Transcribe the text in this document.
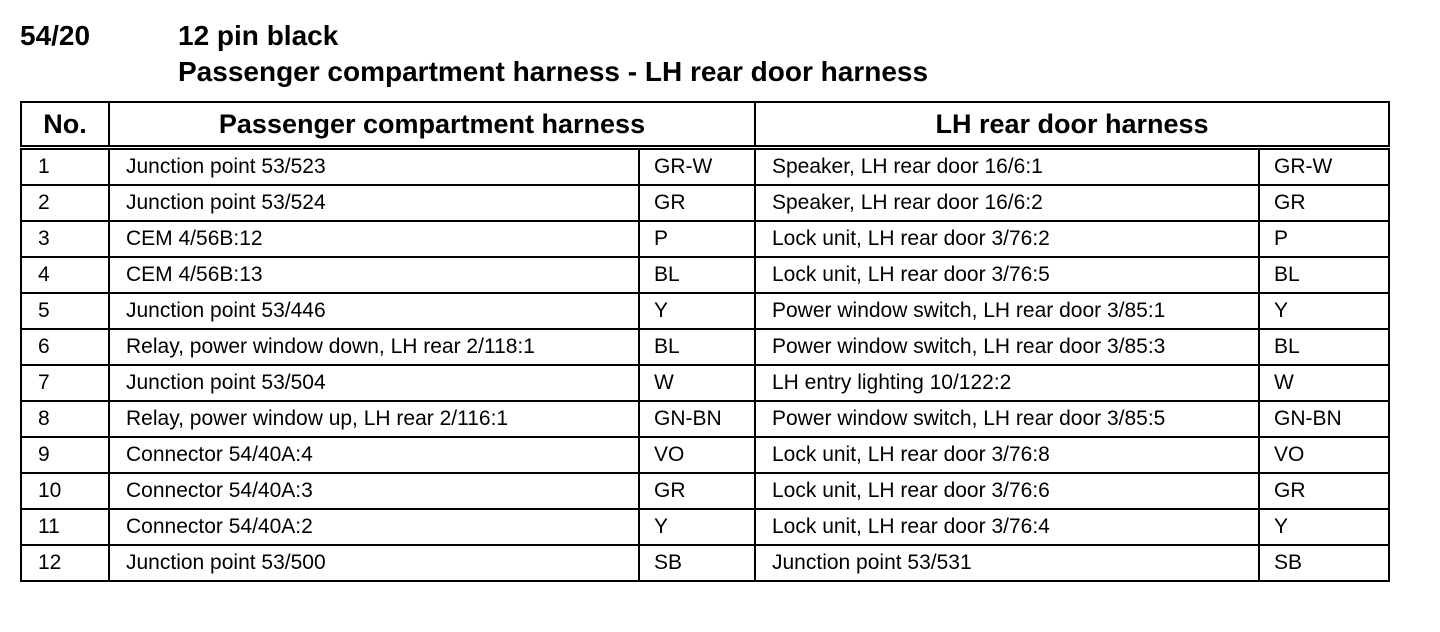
54/20	12 pin black
Passenger compartment harness - LH rear door harness
No.	Passenger compartment harness		LH rear door harness	
1	Junction point 53/523	GR-W	Speaker, LH rear door 16/6:1	GR-W
2	Junction point 53/524	GR	Speaker, LH rear door 16/6:2	GR
3	CEM 4/56B:12	P	Lock unit, LH rear door 3/76:2	P
4	CEM 4/56B:13	BL	Lock unit, LH rear door 3/76:5	BL
5	Junction point 53/446	Y	Power window switch, LH rear door 3/85:1	Y
6	Relay, power window down, LH rear 2/118:1	BL	Power window switch, LH rear door 3/85:3	BL
7	Junction point 53/504	W	LH entry lighting 10/122:2	W
8	Relay, power window up, LH rear 2/116:1	GN-BN	Power window switch, LH rear door 3/85:5	GN-BN
9	Connector 54/40A:4	VO	Lock unit, LH rear door 3/76:8	VO
10	Connector 54/40A:3	GR	Lock unit, LH rear door 3/76:6	GR
11	Connector 54/40A:2	Y	Lock unit, LH rear door 3/76:4	Y
12	Junction point 53/500	SB	Junction point 53/531	SB
